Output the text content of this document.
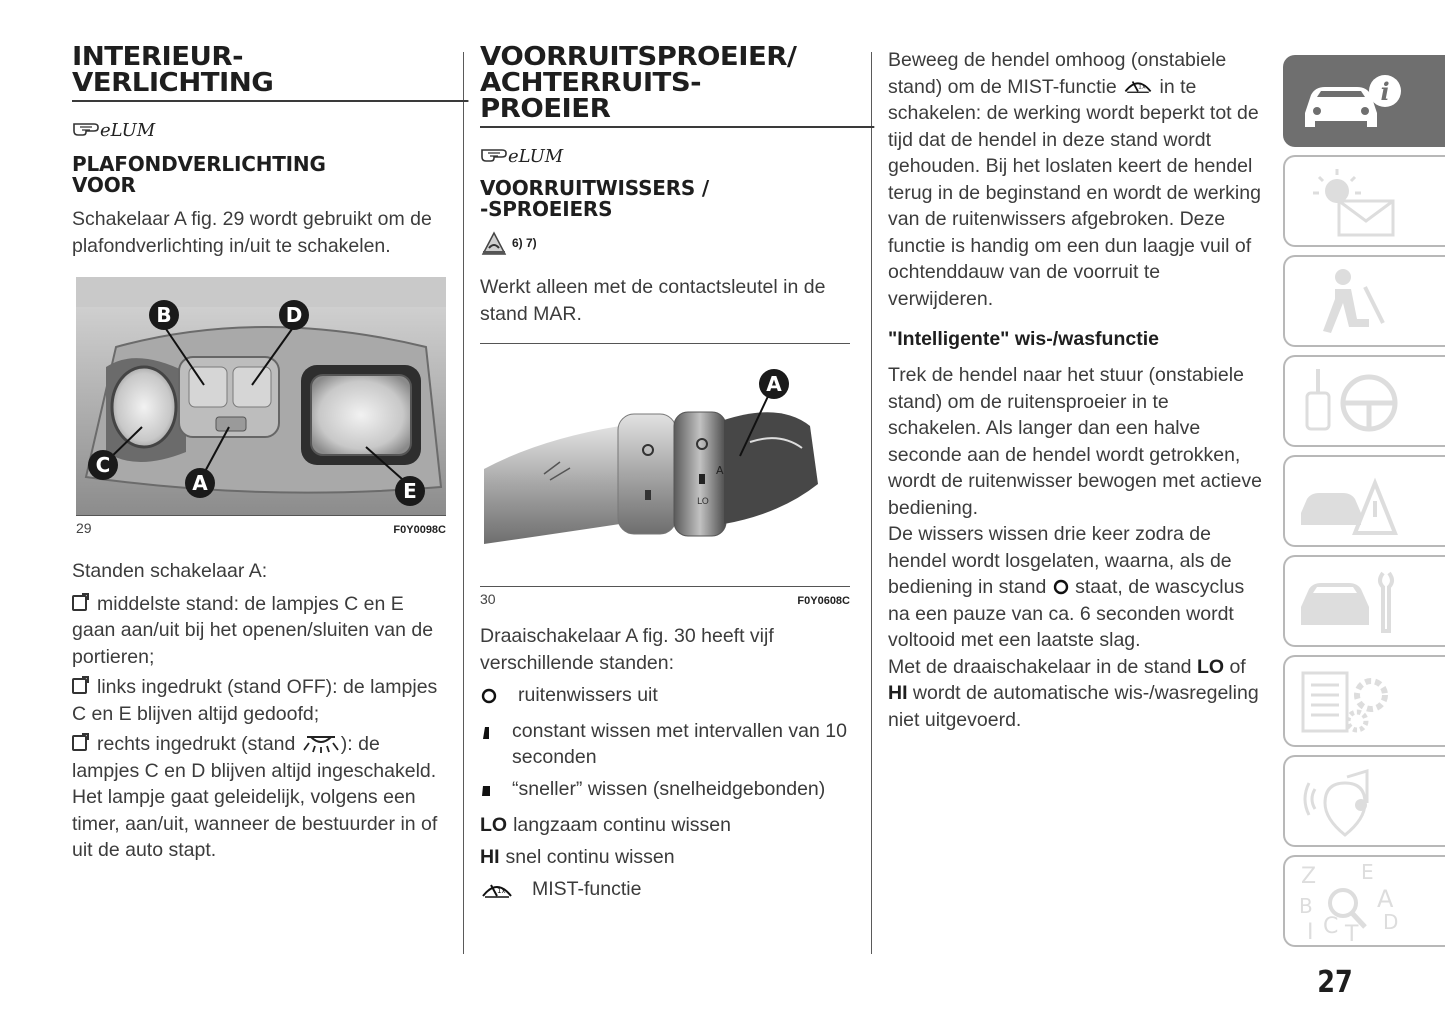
INTERIEUR-
VERLICHTING
eLUM
PLAFONDVERLICHTING
VOOR

Schakelaar A fig. 29 wordt gebruikt om de plafondverlichting in/uit te schakelen.

B	D
C
A	E
29	F0Y0098C

Standen schakelaar A:

middelste stand: de lampjes C en E gaan aan/uit bij het openen/sluiten van de portieren;

links ingedrukt (stand OFF): de lampjes C en E blijven altijd gedoofd;

rechts ingedrukt (stand ): de lampjes C en D blijven altijd ingeschakeld.

Het lampje gaat geleidelijk, volgens een timer, aan/uit, wanneer de bestuurder in of uit de auto stapt.

VOORRUITSPROEIER/
ACHTERRUITS-
PROEIER
eLUM
VOORRUITWISSERS /
-SPROEIERS
6) 7)

Werkt alleen met de contactsleutel in de stand MAR.

A
LO
A
30	F0Y0608C

Draaischakelaar A fig. 30 heeft vijf verschillende standen:

ruitenwissers uit
constant wissen met intervallen van 10 seconden
“sneller” wissen (snelheidgebonden)
LO langzaam continu wissen
HI snel continu wissen
1x MIST-functie

Beweeg de hendel omhoog (onstabiele stand) om de MIST-functie 1x in te schakelen: de werking wordt beperkt tot de tijd dat de hendel in deze stand wordt gehouden. Bij het loslaten keert de hendel terug in de beginstand en wordt de werking van de ruitenwissers afgebroken. Deze functie is handig om een dun laagje vuil of ochtenddauw van de voorruit te verwijderen.

"Intelligente" wis-/wasfunctie

Trek de hendel naar het stuur (onstabiele stand) om de ruitensproeier in te schakelen. Als langer dan een halve seconde aan de hendel wordt getrokken, wordt de ruitenwisser bewogen met actieve bediening.
De wissers wissen drie keer zodra de hendel wordt losgelaten, waarna, als de bediening in stand  staat, de wascyclus na een pauze van ca. 6 seconden wordt voltooid met een laatste slag.

Met de draaischakelaar in de stand LO of HI wordt de automatische wis-/wasregeling niet uitgevoerd.

i
Z E
B	A
I C T D
27
